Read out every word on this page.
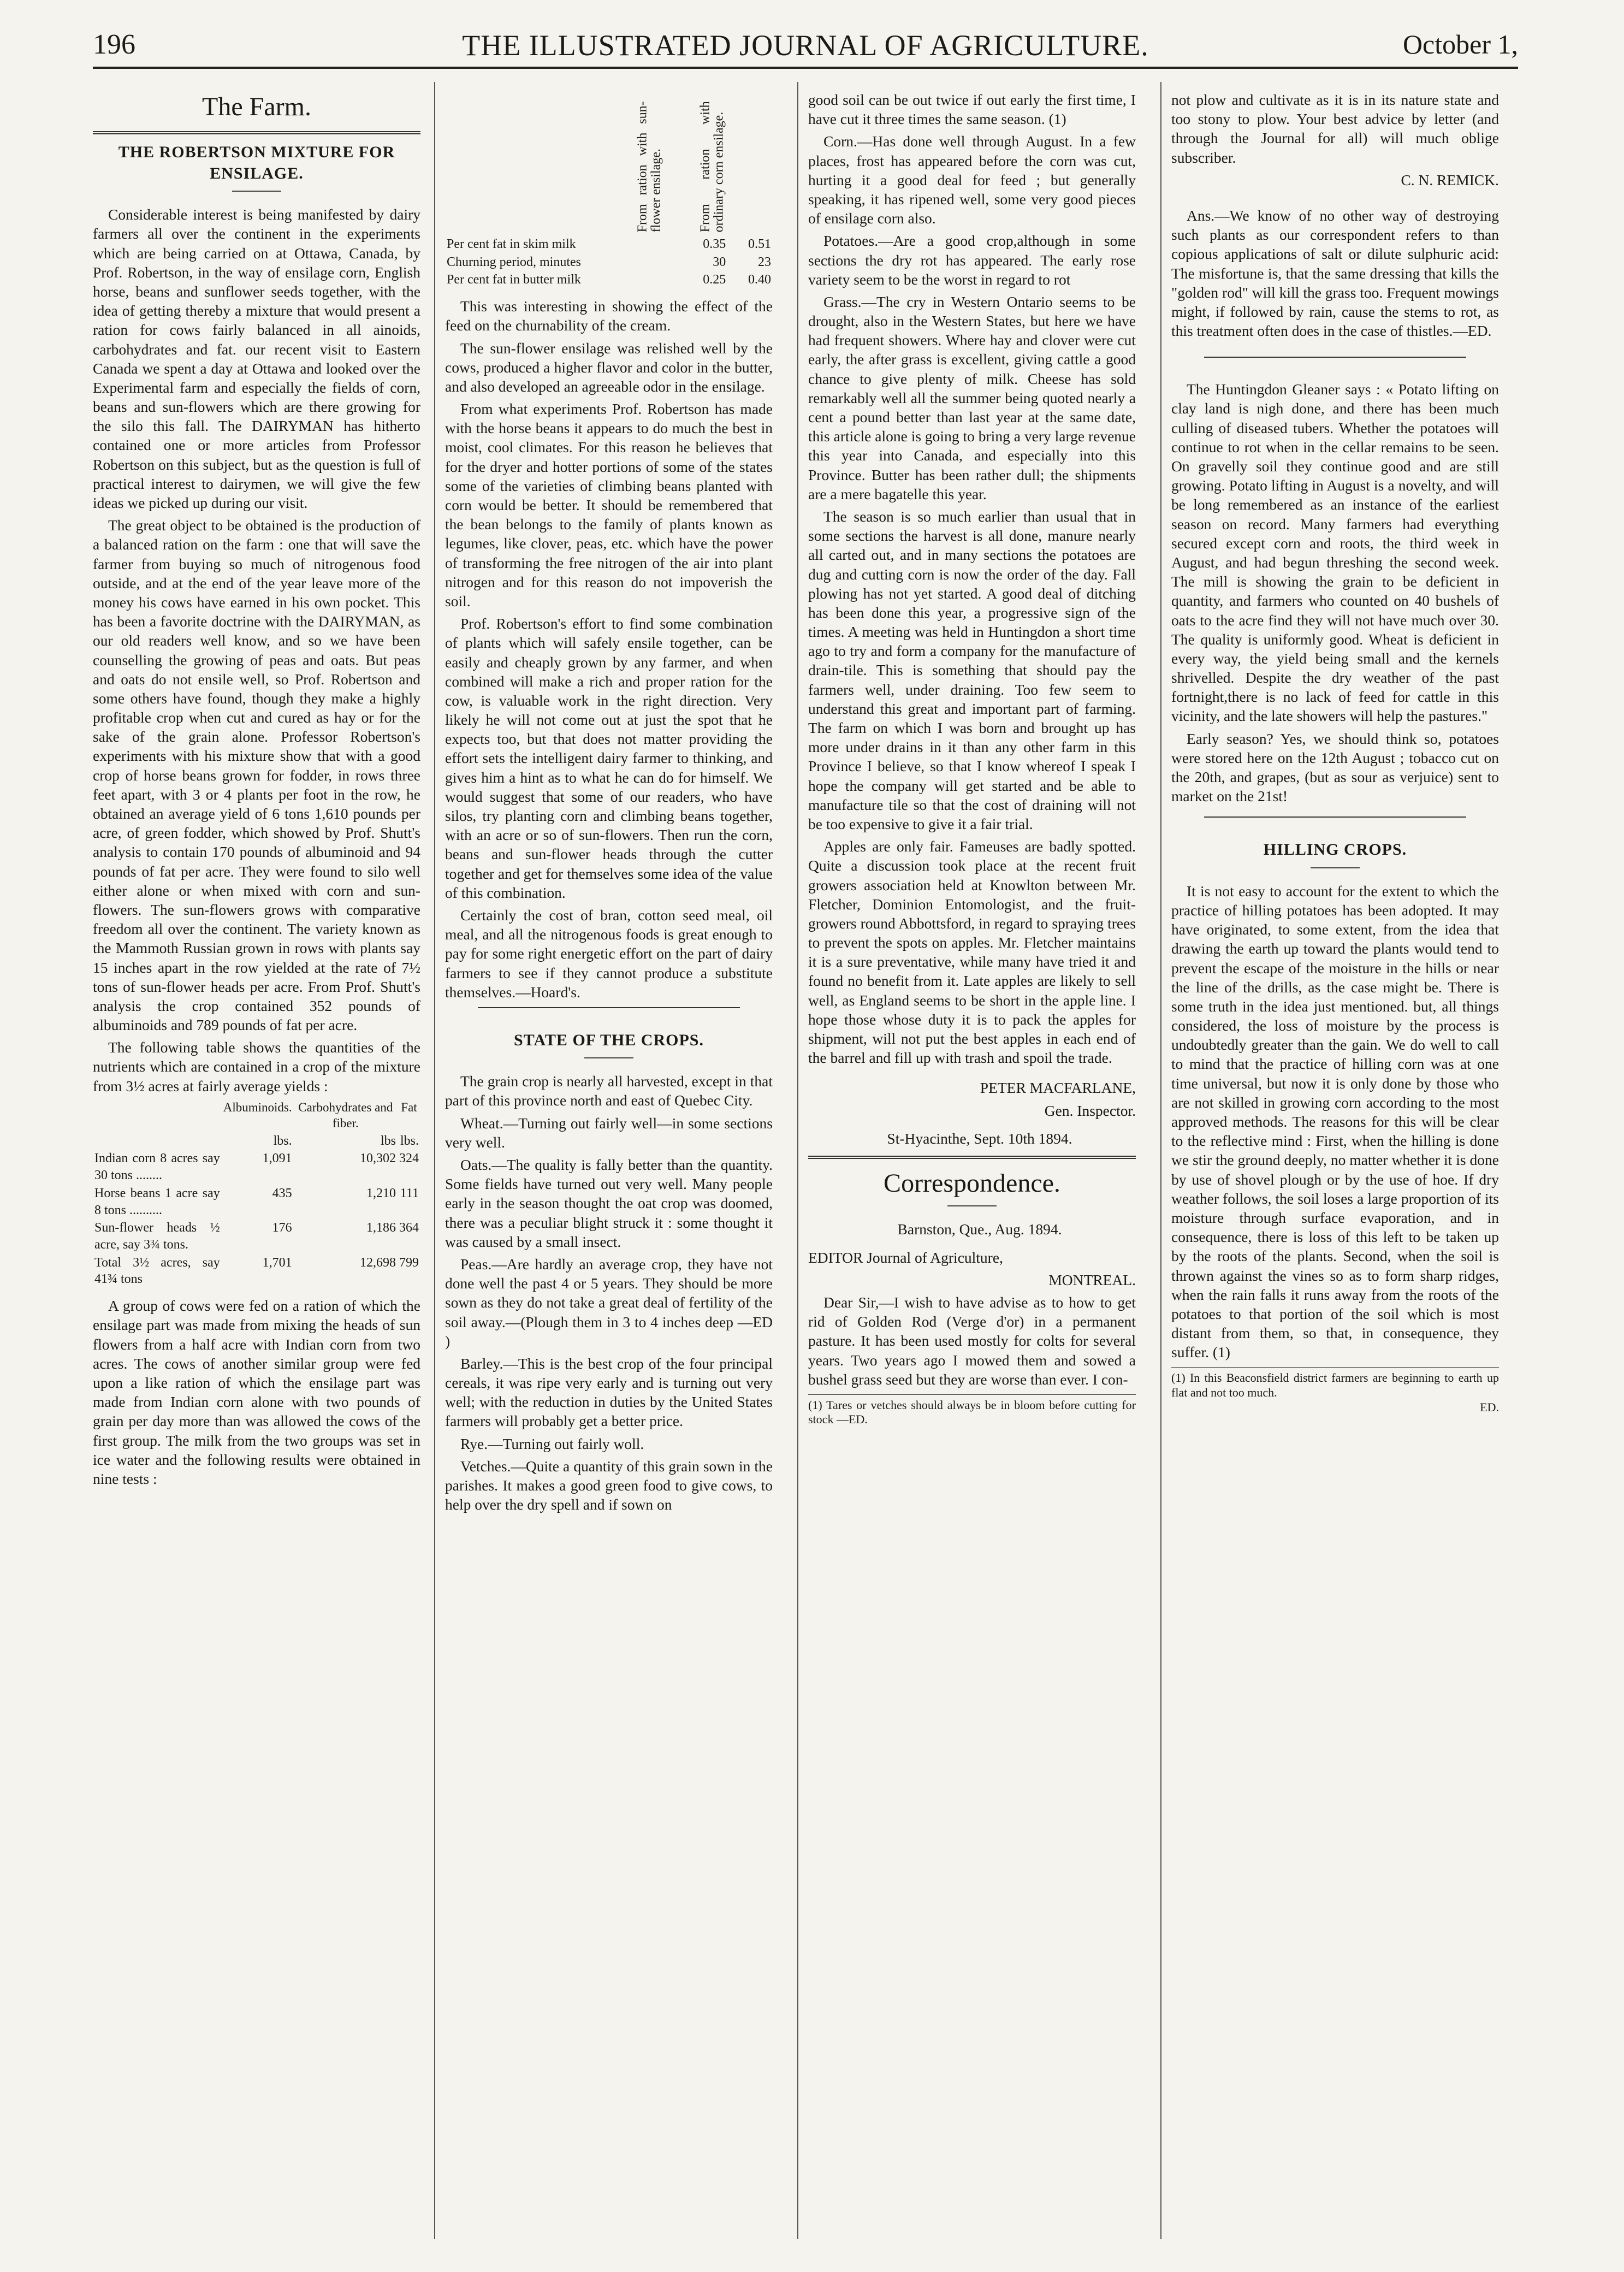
196	THE ILLUSTRATED JOURNAL OF AGRICULTURE.	October 1,
The Farm.
THE ROBERTSON MIXTURE FOR ENSILAGE.

Considerable interest is being manifested by dairy farmers all over the continent in the experiments which are being carried on at Ottawa, Canada, by Prof. Robertson, in the way of ensilage corn, English horse, beans and sunflower seeds together, with the idea of getting thereby a mixture that would present a ration for cows fairly balanced in all ainoids, carbohydrates and fat. our recent visit to Eastern Canada we spent a day at Ottawa and looked over the Experimental farm and especially the fields of corn, beans and sun-flowers which are there growing for the silo this fall. The DAIRYMAN has hitherto contained one or more articles from Professor Robertson on this subject, but as the question is full of practical interest to dairymen, we will give the few ideas we picked up during our visit.

The great object to be obtained is the production of a balanced ration on the farm : one that will save the farmer from buying so much of nitrogenous food outside, and at the end of the year leave more of the money his cows have earned in his own pocket. This has been a favorite doctrine with the DAIRYMAN, as our old readers well know, and so we have been counselling the growing of peas and oats. But peas and oats do not ensile well, so Prof. Robertson and some others have found, though they make a highly profitable crop when cut and cured as hay or for the sake of the grain alone. Professor Robertson's experiments with his mixture show that with a good crop of horse beans grown for fodder, in rows three feet apart, with 3 or 4 plants per foot in the row, he obtained an average yield of 6 tons 1,610 pounds per acre, of green fodder, which showed by Prof. Shutt's analysis to contain 170 pounds of albuminoid and 94 pounds of fat per acre. They were found to silo well either alone or when mixed with corn and sun-flowers. The sun-flowers grows with comparative freedom all over the continent. The variety known as the Mammoth Russian grown in rows with plants say 15 inches apart in the row yielded at the rate of 7½ tons of sun-flower heads per acre. From Prof. Shutt's analysis the crop contained 352 pounds of albuminoids and 789 pounds of fat per acre.

The following table shows the quantities of the nutrients which are contained in a crop of the mixture from 3½ acres at fairly average yields :

	Albuminoids.	Carbohydrates and fiber.	Fat
	lbs.	lbs	lbs.
Indian corn 8 acres say 30 tons ........	1,091	10,302	324
Horse beans 1 acre say 8 tons ..........	435	1,210	111
Sun-flower heads ½ acre, say 3¾ tons.	176	1,186	364
Total 3½ acres, say 41¾ tons	1,701	12,698	799

A group of cows were fed on a ration of which the ensilage part was made from mixing the heads of sun flowers from a half acre with Indian corn from two acres. The cows of another similar group were fed upon a like ration of which the ensilage part was made from Indian corn alone with two pounds of grain per day more than was allowed the cows of the first group. The milk from the two groups was set in ice water and the following results were obtained in nine tests :

From ration with sun-flower ensilage.	From ration with ordinary corn ensilage.
Per cent fat in skim milk	0.35	0.51
Churning period, minutes	30	23
Per cent fat in butter milk	0.25	0.40

This was interesting in showing the effect of the feed on the churnability of the cream.

The sun-flower ensilage was relished well by the cows, produced a higher flavor and color in the butter, and also developed an agreeable odor in the ensilage.

From what experiments Prof. Robertson has made with the horse beans it appears to do much the best in moist, cool climates. For this reason he believes that for the dryer and hotter portions of some of the states some of the varieties of climbing beans planted with corn would be better. It should be remembered that the bean belongs to the family of plants known as legumes, like clover, peas, etc. which have the power of transforming the free nitrogen of the air into plant nitrogen and for this reason do not impoverish the soil.

Prof. Robertson's effort to find some combination of plants which will safely ensile together, can be easily and cheaply grown by any farmer, and when combined will make a rich and proper ration for the cow, is valuable work in the right direction. Very likely he will not come out at just the spot that he expects too, but that does not matter providing the effort sets the intelligent dairy farmer to thinking, and gives him a hint as to what he can do for himself. We would suggest that some of our readers, who have silos, try planting corn and climbing beans together, with an acre or so of sun-flowers. Then run the corn, beans and sun-flower heads through the cutter together and get for themselves some idea of the value of this combination.

Certainly the cost of bran, cotton seed meal, oil meal, and all the nitrogenous foods is great enough to pay for some right energetic effort on the part of dairy farmers to see if they cannot produce a substitute themselves.—Hoard's.

STATE OF THE CROPS.

The grain crop is nearly all harvested, except in that part of this province north and east of Quebec City.

Wheat.—Turning out fairly well—in some sections very well.

Oats.—The quality is fally better than the quantity. Some fields have turned out very well. Many people early in the season thought the oat crop was doomed, there was a peculiar blight struck it : some thought it was caused by a small insect.

Peas.—Are hardly an average crop, they have not done well the past 4 or 5 years. They should be more sown as they do not take a great deal of fertility of the soil away.—(Plough them in 3 to 4 inches deep —ED )

Barley.—This is the best crop of the four principal cereals, it was ripe very early and is turning out very well; with the reduction in duties by the United States farmers will probably get a better price.

Rye.—Turning out fairly woll.

Vetches.—Quite a quantity of this grain sown in the parishes. It makes a good green food to give cows, to help over the dry spell and if sown on

good soil can be out twice if out early the first time, I have cut it three times the same season. (1)

Corn.—Has done well through August. In a few places, frost has appeared before the corn was cut, hurting it a good deal for feed ; but generally speaking, it has ripened well, some very good pieces of ensilage corn also.

Potatoes.—Are a good crop,although in some sections the dry rot has appeared. The early rose variety seem to be the worst in regard to rot

Grass.—The cry in Western Ontario seems to be drought, also in the Western States, but here we have had frequent showers. Where hay and clover were cut early, the after grass is excellent, giving cattle a good chance to give plenty of milk. Cheese has sold remarkably well all the summer being quoted nearly a cent a pound better than last year at the same date, this article alone is going to bring a very large revenue this year into Canada, and especially into this Province. Butter has been rather dull; the shipments are a mere bagatelle this year.

The season is so much earlier than usual that in some sections the harvest is all done, manure nearly all carted out, and in many sections the potatoes are dug and cutting corn is now the order of the day. Fall plowing has not yet started. A good deal of ditching has been done this year, a progressive sign of the times. A meeting was held in Huntingdon a short time ago to try and form a company for the manufacture of drain-tile. This is something that should pay the farmers well, under draining. Too few seem to understand this great and important part of farming. The farm on which I was born and brought up has more under drains in it than any other farm in this Province I believe, so that I know whereof I speak I hope the company will get started and be able to manufacture tile so that the cost of draining will not be too expensive to give it a fair trial.

Apples are only fair. Fameuses are badly spotted. Quite a discussion took place at the recent fruit growers association held at Knowlton between Mr. Fletcher, Dominion Entomologist, and the fruit-growers round Abbottsford, in regard to spraying trees to prevent the spots on apples. Mr. Fletcher maintains it is a sure preventative, while many have tried it and found no benefit from it. Late apples are likely to sell well, as England seems to be short in the apple line. I hope those whose duty it is to pack the apples for shipment, will not put the best apples in each end of the barrel and fill up with trash and spoil the trade.

PETER MACFARLANE,

Gen. Inspector.

St-Hyacinthe, Sept. 10th 1894.

Correspondence.

Barnston, Que., Aug. 1894.

EDITOR Journal of Agriculture,

MONTREAL.

Dear Sir,—I wish to have advise as to how to get rid of Golden Rod (Verge d'or) in a permanent pasture. It has been used mostly for colts for several years. Two years ago I mowed them and sowed a bushel grass seed but they are worse than ever. I con-

(1) Tares or vetches should always be in bloom before cutting for stock —ED.

not plow and cultivate as it is in its nature state and too stony to plow. Your best advice by letter (and through the Journal for all) will much oblige subscriber.

C. N. REMICK.

Ans.—We know of no other way of destroying such plants as our correspondent refers to than copious applications of salt or dilute sulphuric acid: The misfortune is, that the same dressing that kills the "golden rod" will kill the grass too. Frequent mowings might, if followed by rain, cause the stems to rot, as this treatment often does in the case of thistles.—ED.

The Huntingdon Gleaner says : « Potato lifting on clay land is nigh done, and there has been much culling of diseased tubers. Whether the potatoes will continue to rot when in the cellar remains to be seen. On gravelly soil they continue good and are still growing. Potato lifting in August is a novelty, and will be long remembered as an instance of the earliest season on record. Many farmers had everything secured except corn and roots, the third week in August, and had begun threshing the second week. The mill is showing the grain to be deficient in quantity, and farmers who counted on 40 bushels of oats to the acre find they will not have much over 30. The quality is uniformly good. Wheat is deficient in every way, the yield being small and the kernels shrivelled. Despite the dry weather of the past fortnight,there is no lack of feed for cattle in this vicinity, and the late showers will help the pastures."

Early season? Yes, we should think so, potatoes were stored here on the 12th August ; tobacco cut on the 20th, and grapes, (but as sour as verjuice) sent to market on the 21st!

HILLING CROPS.

It is not easy to account for the extent to which the practice of hilling potatoes has been adopted. It may have originated, to some extent, from the idea that drawing the earth up toward the plants would tend to prevent the escape of the moisture in the hills or near the line of the drills, as the case might be. There is some truth in the idea just mentioned. but, all things considered, the loss of moisture by the process is undoubtedly greater than the gain. We do well to call to mind that the practice of hilling corn was at one time universal, but now it is only done by those who are not skilled in growing corn according to the most approved methods. The reasons for this will be clear to the reflective mind : First, when the hilling is done we stir the ground deeply, no matter whether it is done by use of shovel plough or by the use of hoe. If dry weather follows, the soil loses a large proportion of its moisture through surface evaporation, and in consequence, there is loss of this left to be taken up by the roots of the plants. Second, when the soil is thrown against the vines so as to form sharp ridges, when the rain falls it runs away from the roots of the potatoes to that portion of the soil which is most distant from them, so that, in consequence, they suffer. (1)

(1) In this Beaconsfield district farmers are beginning to earth up flat and not too much.
ED.
